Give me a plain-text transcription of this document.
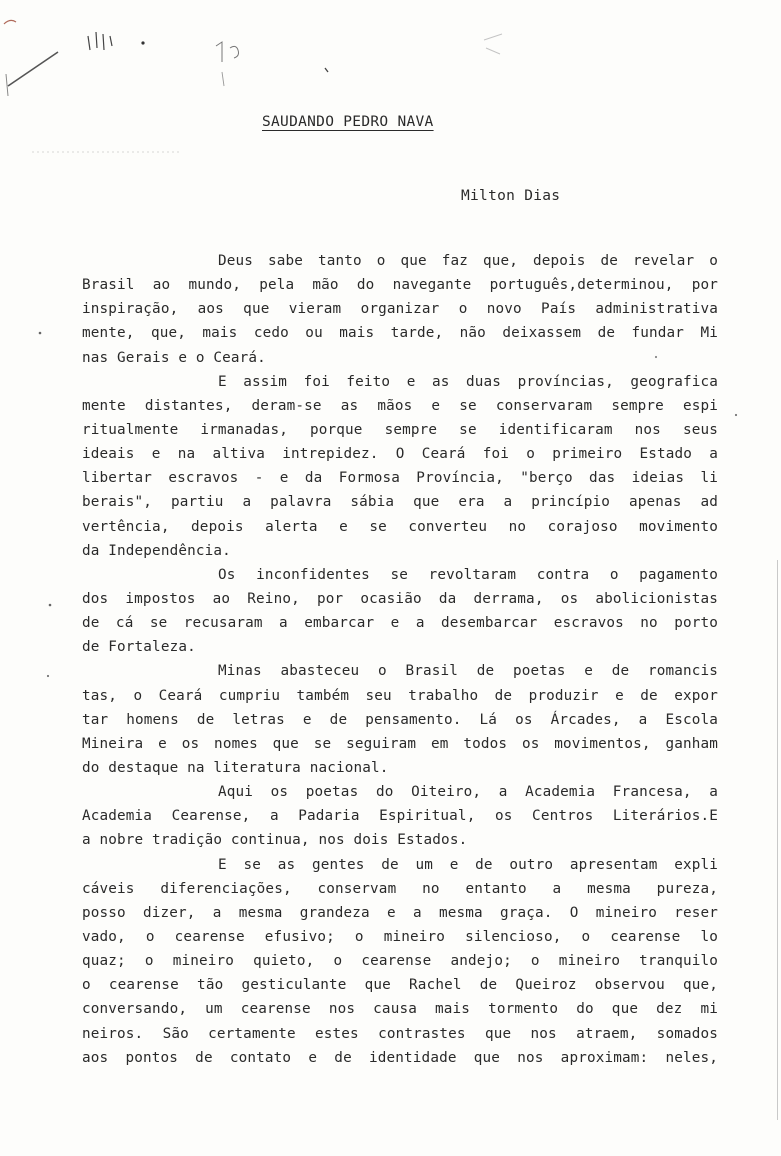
SAUDANDO PEDRO NAVA
Milton Dias
Deus sabe tanto o que faz que, depois de revelar o
Brasil ao mundo, pela mão do navegante português,determinou, por
inspiração, aos que vieram organizar o novo País administrativa
mente, que, mais cedo ou mais tarde, não deixassem de fundar Mi
nas Gerais e o Ceará.
E assim foi feito e as duas províncias, geografica
mente distantes, deram-se as mãos e se conservaram sempre espi
ritualmente irmanadas, porque sempre se identificaram nos seus
ideais e na altiva intrepidez. O Ceará foi o primeiro Estado a
libertar escravos - e da Formosa Província, "berço das ideias li
berais", partiu a palavra sábia que era a princípio apenas ad
vertência, depois alerta e se converteu no corajoso movimento
da Independência.
Os inconfidentes se revoltaram contra o pagamento
dos impostos ao Reino, por ocasião da derrama, os abolicionistas
de cá se recusaram a embarcar e a desembarcar escravos no porto
de Fortaleza.
Minas abasteceu o Brasil de poetas e de romancis
tas, o Ceará cumpriu também seu trabalho de produzir e de expor
tar homens de letras e de pensamento. Lá os Árcades, a Escola
Mineira e os nomes que se seguiram em todos os movimentos, ganham
do destaque na literatura nacional.
Aqui os poetas do Oiteiro, a Academia Francesa, a
Academia Cearense, a Padaria Espiritual, os Centros Literários.E
a nobre tradição continua, nos dois Estados.
E se as gentes de um e de outro apresentam expli
cáveis diferenciações, conservam no entanto a mesma pureza,
posso dizer, a mesma grandeza e a mesma graça. O mineiro reser
vado, o cearense efusivo; o mineiro silencioso, o cearense lo
quaz; o mineiro quieto, o cearense andejo; o mineiro tranquilo
o cearense tão gesticulante que Rachel de Queiroz observou que,
conversando, um cearense nos causa mais tormento do que dez mi
neiros. São certamente estes contrastes que nos atraem, somados
aos pontos de contato e de identidade que nos aproximam: neles,
